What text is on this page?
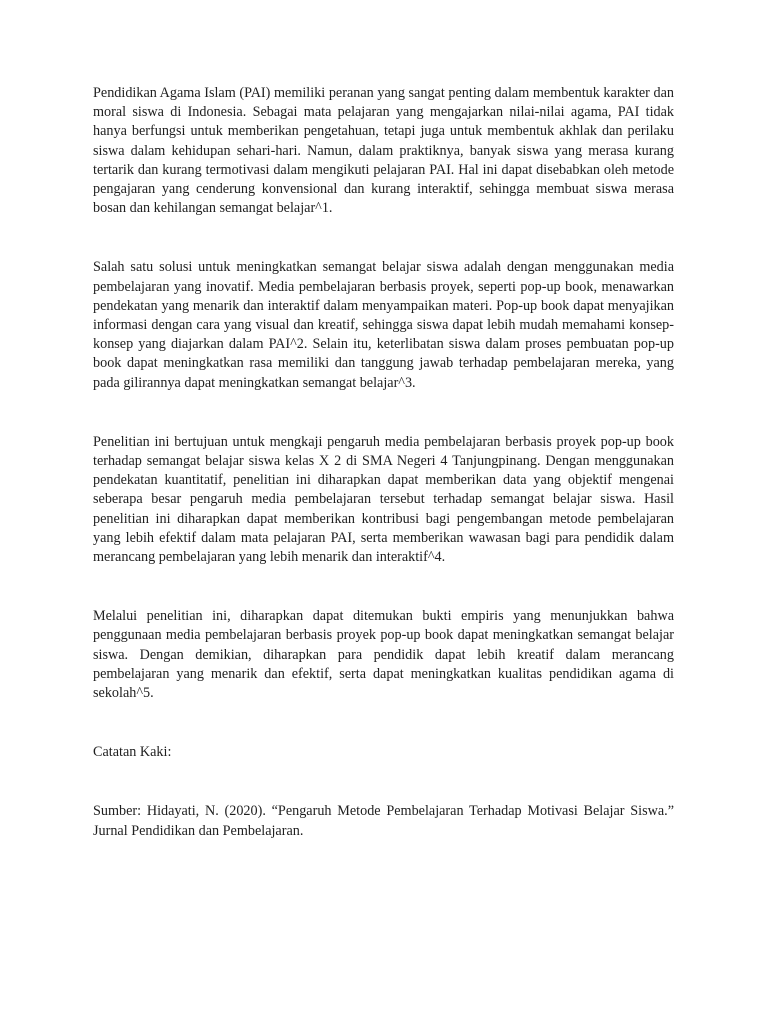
Pendidikan Agama Islam (PAI) memiliki peranan yang sangat penting dalam membentuk karakter dan moral siswa di Indonesia. Sebagai mata pelajaran yang mengajarkan nilai-nilai agama, PAI tidak hanya berfungsi untuk memberikan pengetahuan, tetapi juga untuk membentuk akhlak dan perilaku siswa dalam kehidupan sehari-hari. Namun, dalam praktiknya, banyak siswa yang merasa kurang tertarik dan kurang termotivasi dalam mengikuti pelajaran PAI. Hal ini dapat disebabkan oleh metode pengajaran yang cenderung konvensional dan kurang interaktif, sehingga membuat siswa merasa bosan dan kehilangan semangat belajar^1.

Salah satu solusi untuk meningkatkan semangat belajar siswa adalah dengan menggunakan media pembelajaran yang inovatif. Media pembelajaran berbasis proyek, seperti pop-up book, menawarkan pendekatan yang menarik dan interaktif dalam menyampaikan materi. Pop-up book dapat menyajikan informasi dengan cara yang visual dan kreatif, sehingga siswa dapat lebih mudah memahami konsep-konsep yang diajarkan dalam PAI^2. Selain itu, keterlibatan siswa dalam proses pembuatan pop-up book dapat meningkatkan rasa memiliki dan tanggung jawab terhadap pembelajaran mereka, yang pada gilirannya dapat meningkatkan semangat belajar^3.

Penelitian ini bertujuan untuk mengkaji pengaruh media pembelajaran berbasis proyek pop-up book terhadap semangat belajar siswa kelas X 2 di SMA Negeri 4 Tanjungpinang. Dengan menggunakan pendekatan kuantitatif, penelitian ini diharapkan dapat memberikan data yang objektif mengenai seberapa besar pengaruh media pembelajaran tersebut terhadap semangat belajar siswa. Hasil penelitian ini diharapkan dapat memberikan kontribusi bagi pengembangan metode pembelajaran yang lebih efektif dalam mata pelajaran PAI, serta memberikan wawasan bagi para pendidik dalam merancang pembelajaran yang lebih menarik dan interaktif^4.

Melalui penelitian ini, diharapkan dapat ditemukan bukti empiris yang menunjukkan bahwa penggunaan media pembelajaran berbasis proyek pop-up book dapat meningkatkan semangat belajar siswa. Dengan demikian, diharapkan para pendidik dapat lebih kreatif dalam merancang pembelajaran yang menarik dan efektif, serta dapat meningkatkan kualitas pendidikan agama di sekolah^5.

Catatan Kaki:

Sumber: Hidayati, N. (2020). “Pengaruh Metode Pembelajaran Terhadap Motivasi Belajar Siswa.” Jurnal Pendidikan dan Pembelajaran.
